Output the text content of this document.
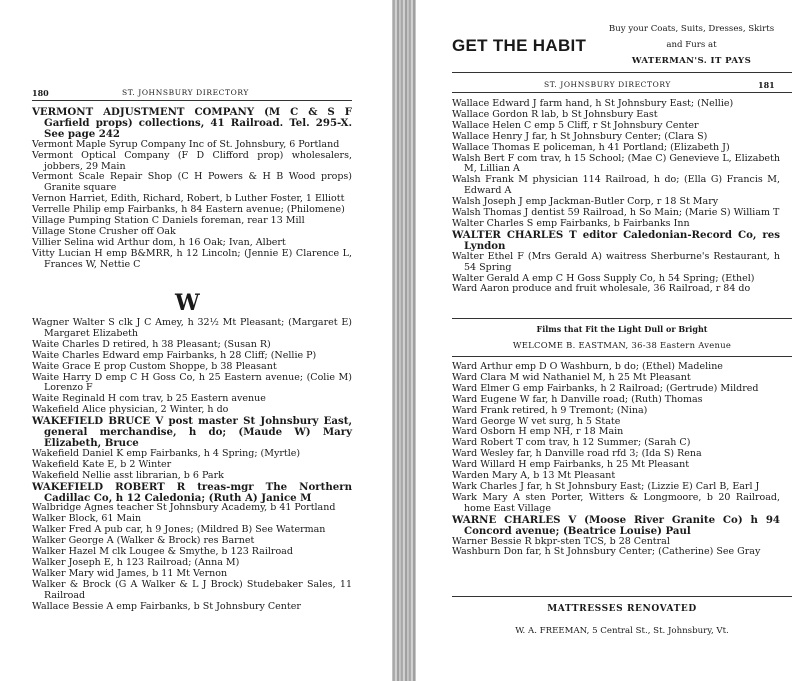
180	ST. JOHNSBURY DIRECTORY
VERMONT ADJUSTMENT COMPANY (M C & S F Garfield props) collections, 41 Railroad. Tel. 295-X. See page 242
Vermont Maple Syrup Company Inc of St. Johnsbury, 6 Portland
Vermont Optical Company (F D Clifford prop) wholesalers, jobbers, 29 Main
Vermont Scale Repair Shop (C H Powers & H B Wood props) Granite square
Vernon Harriet, Edith, Richard, Robert, b Luther Foster, 1 Elliott
Verrelle Philip emp Fairbanks, h 84 Eastern avenue; (Philomene)
Village Pumping Station C Daniels foreman, rear 13 Mill
Village Stone Crusher off Oak
Villier Selina wid Arthur dom, h 16 Oak; Ivan, Albert
Vitty Lucian H emp B&MRR, h 12 Lincoln; (Jennie E) Clarence L, Frances W, Nettie C
W
Wagner Walter S clk J C Amey, h 32½ Mt Pleasant; (Margaret E) Margaret Elizabeth
Waite Charles D retired, h 38 Pleasant; (Susan R)
Waite Charles Edward emp Fairbanks, h 28 Cliff; (Nellie P)
Waite Grace E prop Custom Shoppe, b 38 Pleasant
Waite Harry D emp C H Goss Co, h 25 Eastern avenue; (Colie M) Lorenzo F
Waite Reginald H com trav, b 25 Eastern avenue
Wakefield Alice physician, 2 Winter, h do
WAKEFIELD BRUCE V post master St Johnsbury East, general merchandise, h do; (Maude W) Mary Elizabeth, Bruce
Wakefield Daniel K emp Fairbanks, h 4 Spring; (Myrtle)
Wakefield Kate E, b 2 Winter
Wakefield Nellie asst librarian, b 6 Park
WAKEFIELD ROBERT R treas-mgr The Northern Cadillac Co, h 12 Caledonia; (Ruth A) Janice M
Walbridge Agnes teacher St Johnsbury Academy, b 41 Portland
Walker Block, 61 Main
Walker Fred A pub car, h 9 Jones; (Mildred B) See Waterman
Walker George A (Walker & Brock) res Barnet
Walker Hazel M clk Lougee & Smythe, b 123 Railroad
Walker Joseph E, h 123 Railroad; (Anna M)
Walker Mary wid James, b 11 Mt Vernon
Walker & Brock (G A Walker & L J Brock) Studebaker Sales, 11 Railroad
Wallace Bessie A emp Fairbanks, b St Johnsbury Center
GET THE HABIT
Buy your Coats, Suits, Dresses, Skirts
and Furs at
WATERMAN'S. IT PAYS
ST. JOHNSBURY DIRECTORY	181
Wallace Edward J farm hand, h St Johnsbury East; (Nellie)
Wallace Gordon R lab, b St Johnsbury East
Wallace Helen C emp 5 Cliff, r St Johnsbury Center
Wallace Henry J far, h St Johnsbury Center; (Clara S)
Wallace Thomas E policeman, h 41 Portland; (Elizabeth J)
Walsh Bert F com trav, h 15 School; (Mae C) Genevieve L, Elizabeth M, Lillian A
Walsh Frank M physician 114 Railroad, h do; (Ella G) Francis M, Edward A
Walsh Joseph J emp Jackman-Butler Corp, r 18 St Mary
Walsh Thomas J dentist 59 Railroad, h So Main; (Marie S) William T
Walter Charles S emp Fairbanks, b Fairbanks Inn
WALTER CHARLES T editor Caledonian-Record Co, res Lyndon
Walter Ethel F (Mrs Gerald A) waitress Sherburne's Restaurant, h 54 Spring
Walter Gerald A emp C H Goss Supply Co, h 54 Spring; (Ethel)
Ward Aaron produce and fruit wholesale, 36 Railroad, r 84 do
Films that Fit the Light Dull or Bright
WELCOME B. EASTMAN, 36-38 Eastern Avenue
Ward Arthur emp D O Washburn, b do; (Ethel) Madeline
Ward Clara M wid Nathaniel M, h 25 Mt Pleasant
Ward Elmer G emp Fairbanks, h 2 Railroad; (Gertrude) Mildred
Ward Eugene W far, h Danville road; (Ruth) Thomas
Ward Frank retired, h 9 Tremont; (Nina)
Ward George W vet surg, h 5 State
Ward Osborn H emp NH, r 18 Main
Ward Robert T com trav, h 12 Summer; (Sarah C)
Ward Wesley far, h Danville road rfd 3; (Ida S) Rena
Ward Willard H emp Fairbanks, h 25 Mt Pleasant
Warden Mary A, b 13 Mt Pleasant
Wark Charles J far, h St Johnsbury East; (Lizzie E) Carl B, Earl J
Wark Mary A sten Porter, Witters & Longmoore, b 20 Railroad, home East Village
WARNE CHARLES V (Moose River Granite Co) h 94 Concord avenue; (Beatrice Louise) Paul
Warner Bessie R bkpr-sten TCS, b 28 Central
Washburn Don far, h St Johnsbury Center; (Catherine) See Gray
MATTRESSES RENOVATED
W. A. FREEMAN, 5 Central St., St. Johnsbury, Vt.
